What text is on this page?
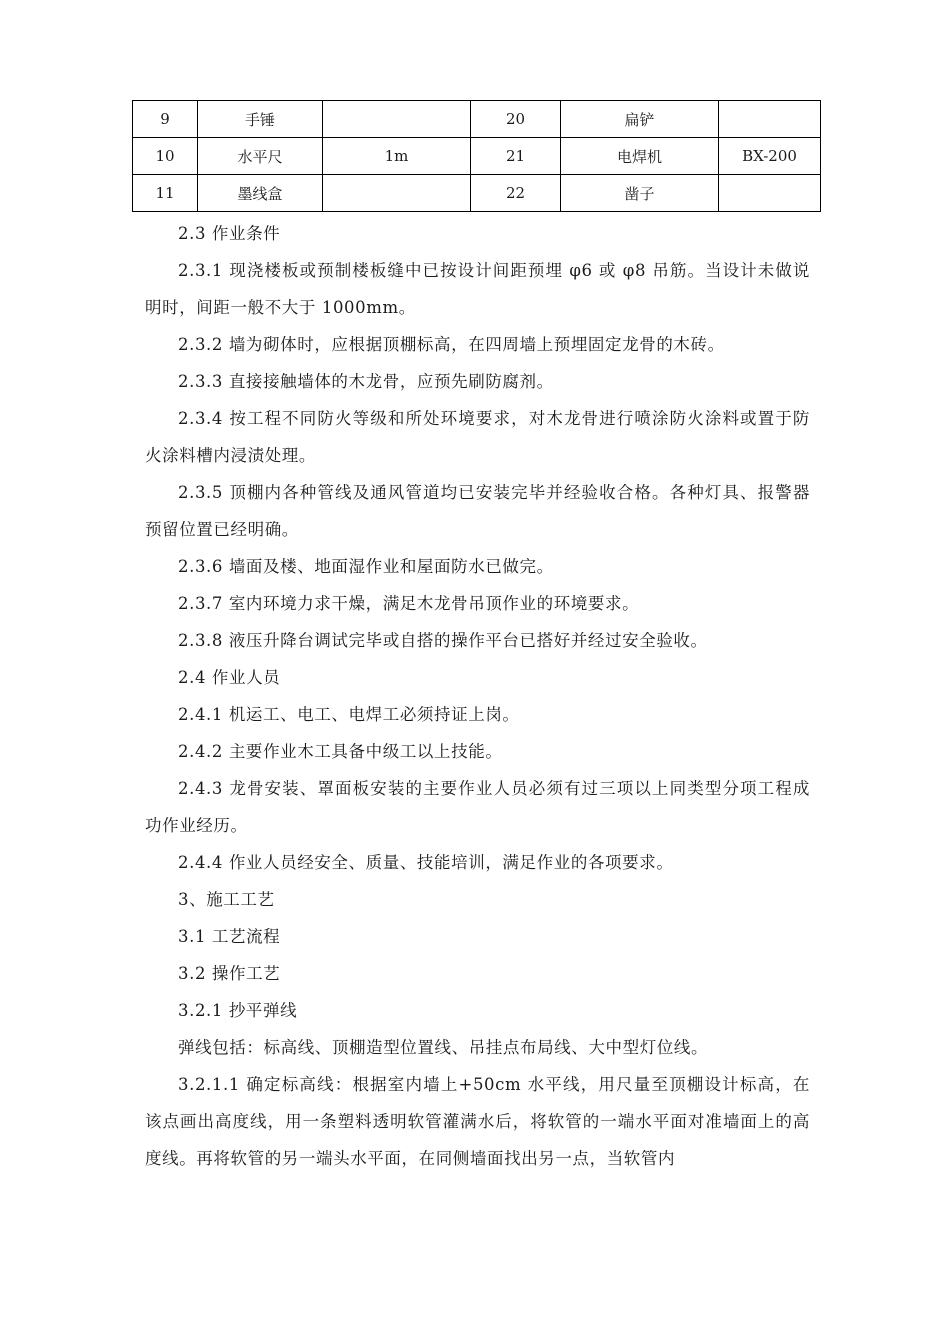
9	手锤		20	扁铲	
10	水平尺	1m	21	电焊机	BX-200
11	墨线盒		22	凿子	

2.3 作业条件

2.3.1 现浇楼板或预制楼板缝中已按设计间距预埋 φ6 或 φ8 吊筋。当设计未做说明时，间距一般不大于 1000mm。

2.3.2 墙为砌体时，应根据顶棚标高，在四周墙上预埋固定龙骨的木砖。

2.3.3 直接接触墙体的木龙骨，应预先刷防腐剂。

2.3.4 按工程不同防火等级和所处环境要求，对木龙骨进行喷涂防火涂料或置于防火涂料槽内浸渍处理。

2.3.5 顶棚内各种管线及通风管道均已安装完毕并经验收合格。各种灯具、报警器预留位置已经明确。

2.3.6 墙面及楼、地面湿作业和屋面防水已做完。

2.3.7 室内环境力求干燥，满足木龙骨吊顶作业的环境要求。

2.3.8 液压升降台调试完毕或自搭的操作平台已搭好并经过安全验收。

2.4 作业人员

2.4.1 机运工、电工、电焊工必须持证上岗。

2.4.2 主要作业木工具备中级工以上技能。

2.4.3 龙骨安装、罩面板安装的主要作业人员必须有过三项以上同类型分项工程成功作业经历。

2.4.4 作业人员经安全、质量、技能培训，满足作业的各项要求。

3、施工工艺

3.1 工艺流程

3.2 操作工艺

3.2.1 抄平弹线

弹线包括：标高线、顶棚造型位置线、吊挂点布局线、大中型灯位线。

3.2.1.1 确定标高线：根据室内墙上+50cm 水平线，用尺量至顶棚设计标高，在该点画出高度线，用一条塑料透明软管灌满水后，将软管的一端水平面对准墙面上的高度线。再将软管的另一端头水平面，在同侧墙面找出另一点，当软管内
